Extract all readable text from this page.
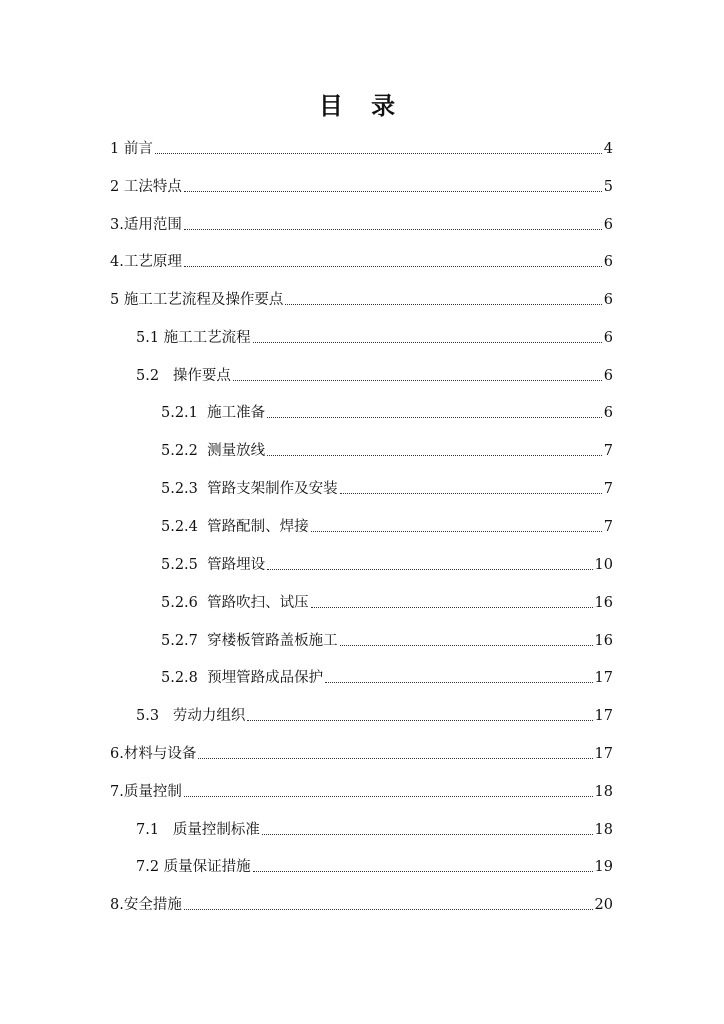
目 录
1 前言	4
2 工法特点	5
3.适用范围	6
4.工艺原理	6
5 施工工艺流程及操作要点	6
5.1 施工工艺流程	6
5.2   操作要点	6
5.2.1  施工准备	6
5.2.2  测量放线	7
5.2.3  管路支架制作及安装	7
5.2.4  管路配制、焊接	7
5.2.5  管路埋设	10
5.2.6  管路吹扫、试压	16
5.2.7  穿楼板管路盖板施工	16
5.2.8  预埋管路成品保护	17
5.3   劳动力组织	17
6.材料与设备	17
7.质量控制	18
7.1   质量控制标准	18
7.2 质量保证措施	19
8.安全措施	20
